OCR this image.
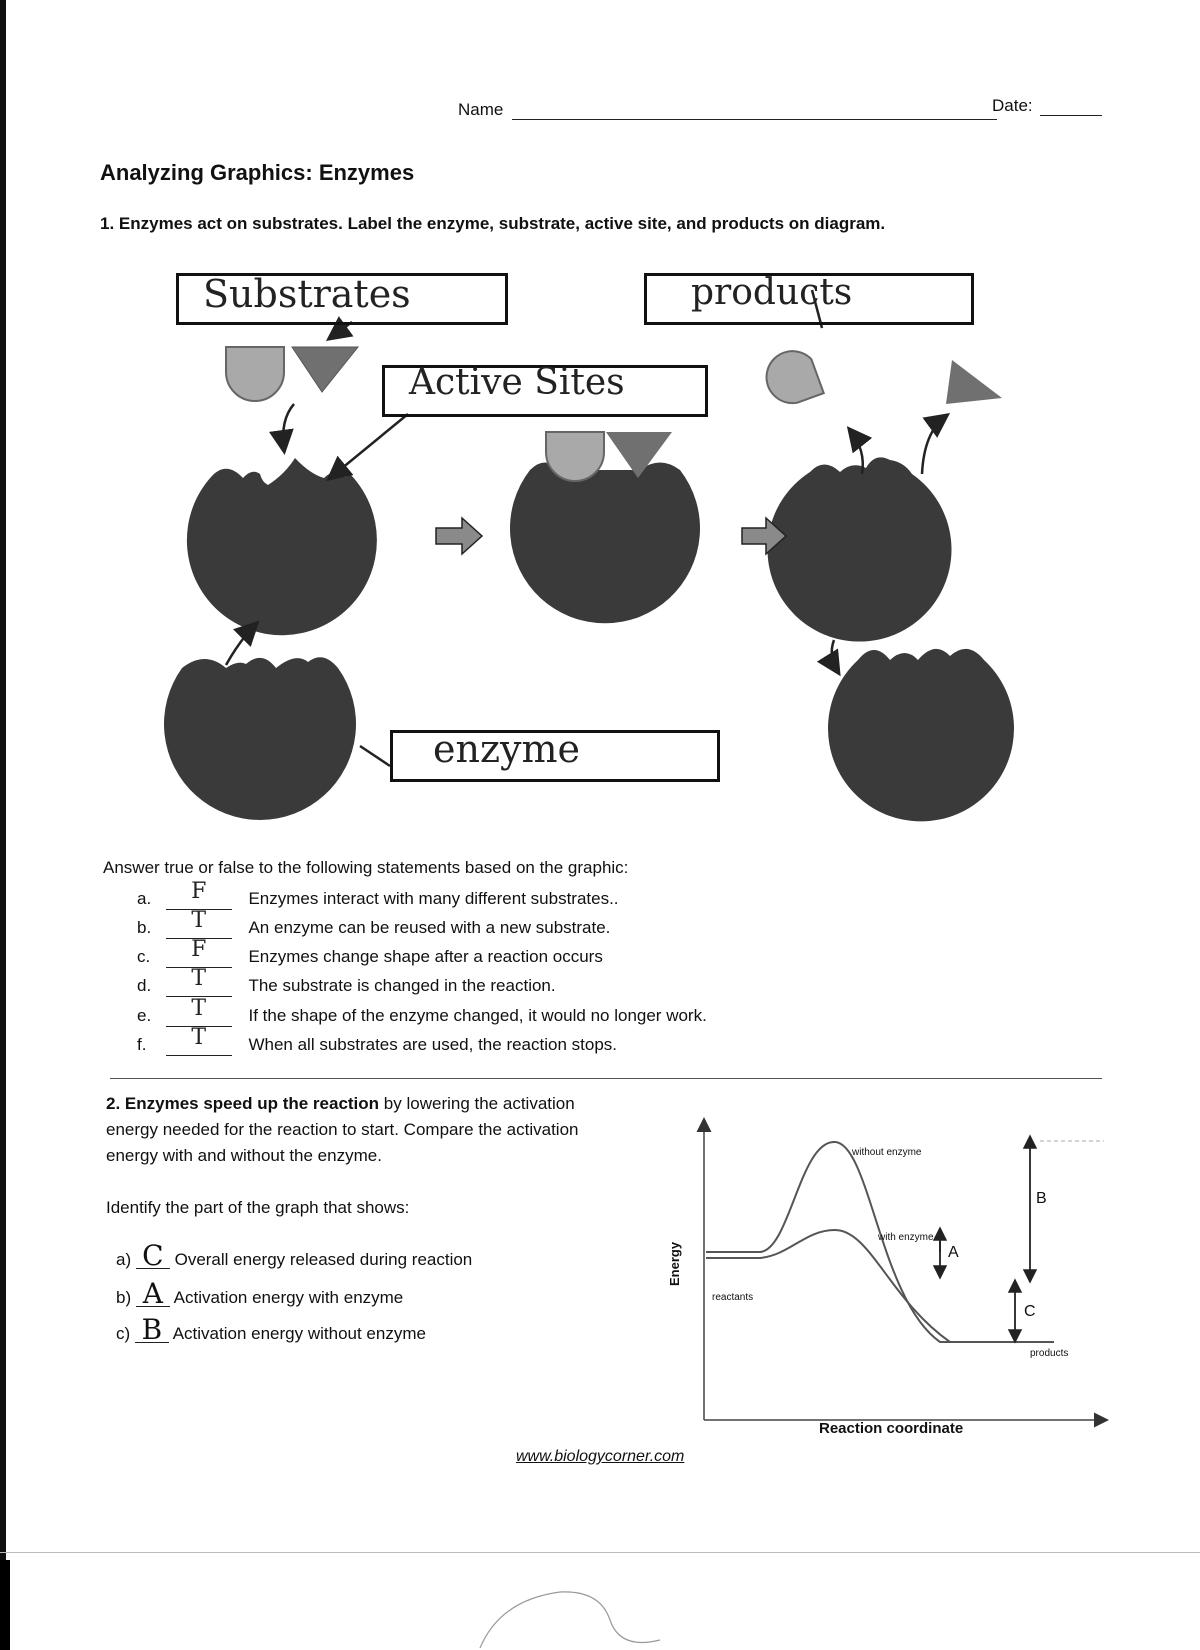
Name	Date:
Analyzing Graphics: Enzymes
1. Enzymes act on substrates. Label the enzyme, substrate, active site, and products on diagram.
Substrates
Active Sites
products
enzyme
Answer true or false to the following statements based on the graphic:
a. F Enzymes interact with many different substrates..
b. T An enzyme can be reused with a new substrate.
c. F Enzymes change shape after a reaction occurs
d. T The substrate is changed in the reaction.
e. T If the shape of the enzyme changed, it would no longer work.
f. T When all substrates are used, the reaction stops.
2. Enzymes speed up the reaction by lowering the activation
energy needed for the reaction to start. Compare the activation
energy with and without the enzyme.
Identify the part of the graph that shows:
a) C Overall energy released during reaction
b) A Activation energy with enzyme
c) B Activation energy without enzyme
Energy
Reaction coordinate
without enzyme
with enzyme
reactants
products
A
B
C
www.biologycorner.com
